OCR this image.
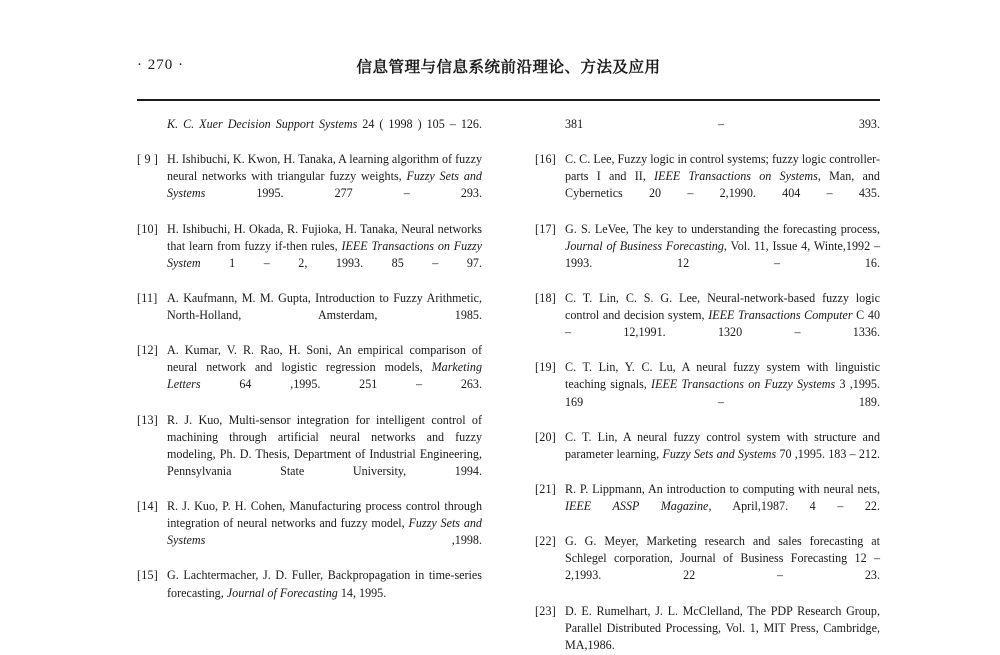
· 270 ·	信息管理与信息系统前沿理论、方法及应用
K. C. Xuer Decision Support Systems 24 ( 1998 ) 105 – 126.
[ 9 ] H. Ishibuchi, K. Kwon, H. Tanaka, A learning algorithm of fuzzy neural networks with triangular fuzzy weights, Fuzzy Sets and Systems 1995. 277 – 293.
[10] H. Ishibuchi, H. Okada, R. Fujioka, H. Tanaka, Neural networks that learn from fuzzy if-then rules, IEEE Transactions on Fuzzy System 1 – 2, 1993. 85 – 97.
[11] A. Kaufmann, M. M. Gupta, Introduction to Fuzzy Arithmetic, North-Holland, Amsterdam, 1985.
[12] A. Kumar, V. R. Rao, H. Soni, An empirical comparison of neural network and logistic regression models, Marketing Letters 64 ,1995. 251 – 263.
[13] R. J. Kuo, Multi-sensor integration for intelligent control of machining through artificial neural networks and fuzzy modeling, Ph. D. Thesis, Department of Industrial Engineering, Pennsylvania State University, 1994.
[14] R. J. Kuo, P. H. Cohen, Manufacturing process control through integration of neural networks and fuzzy model, Fuzzy Sets and Systems ,1998.
[15] G. Lachtermacher, J. D. Fuller, Backpropagation in time-series forecasting, Journal of Forecasting 14, 1995.
381 – 393.
[16] C. C. Lee, Fuzzy logic in control systems; fuzzy logic controller-parts I and II, IEEE Transactions on Systems, Man, and Cybernetics 20 – 2,1990. 404 – 435.
[17] G. S. LeVee, The key to understanding the forecasting process, Journal of Business Forecasting, Vol. 11, Issue 4, Winte,1992 – 1993. 12 – 16.
[18] C. T. Lin, C. S. G. Lee, Neural-network-based fuzzy logic control and decision system, IEEE Transactions Computer C 40 – 12,1991. 1320 – 1336.
[19] C. T. Lin, Y. C. Lu, A neural fuzzy system with linguistic teaching signals, IEEE Transactions on Fuzzy Systems 3 ,1995. 169 – 189.
[20] C. T. Lin, A neural fuzzy control system with structure and parameter learning, Fuzzy Sets and Systems 70 ,1995. 183 – 212.
[21] R. P. Lippmann, An introduction to computing with neural nets, IEEE ASSP Magazine, April,1987. 4 – 22.
[22] G. G. Meyer, Marketing research and sales forecasting at Schlegel corporation, Journal of Business Forecasting 12 – 2,1993. 22 – 23.
[23] D. E. Rumelhart, J. L. McClelland, The PDP Research Group, Parallel Distributed Processing, Vol. 1, MIT Press, Cambridge, MA,1986.
